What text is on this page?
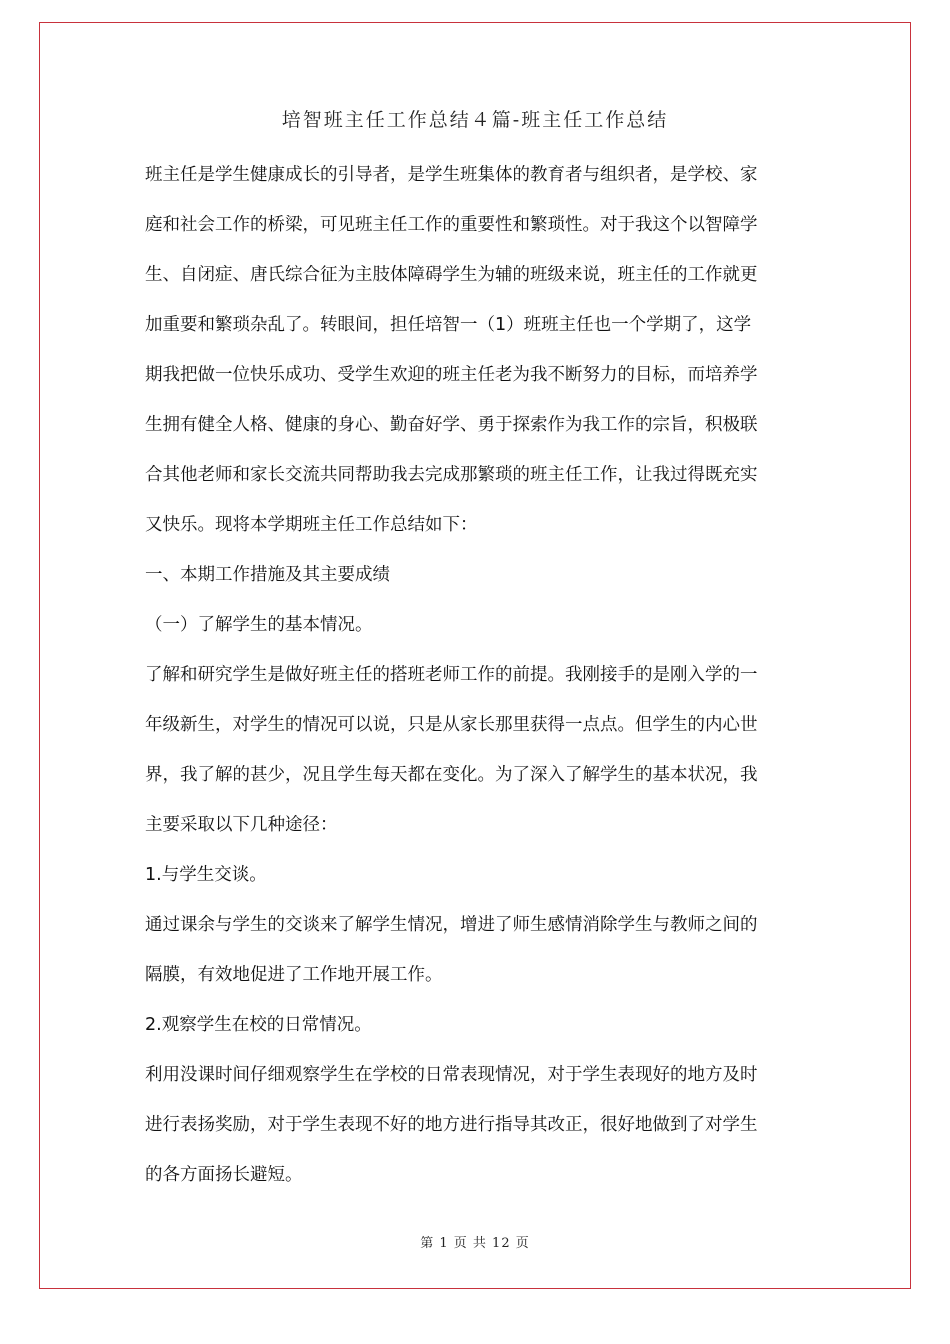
培智班主任工作总结４篇-班主任工作总结

班主任是学生健康成长的引导者，是学生班集体的教育者与组织者，是学校、家

庭和社会工作的桥梁，可见班主任工作的重要性和繁琐性。对于我这个以智障学

生、自闭症、唐氏综合征为主肢体障碍学生为辅的班级来说，班主任的工作就更

加重要和繁琐杂乱了。转眼间，担任培智一（1）班班主任也一个学期了，这学

期我把做一位快乐成功、受学生欢迎的班主任老为我不断努力的目标，而培养学

生拥有健全人格、健康的身心、勤奋好学、勇于探索作为我工作的宗旨，积极联

合其他老师和家长交流共同帮助我去完成那繁琐的班主任工作，让我过得既充实

又快乐。现将本学期班主任工作总结如下：

一、本期工作措施及其主要成绩

（一）了解学生的基本情况。

了解和研究学生是做好班主任的搭班老师工作的前提。我刚接手的是刚入学的一

年级新生，对学生的情况可以说，只是从家长那里获得一点点。但学生的内心世

界，我了解的甚少，况且学生每天都在变化。为了深入了解学生的基本状况，我

主要采取以下几种途径：

1.与学生交谈。

通过课余与学生的交谈来了解学生情况，增进了师生感情消除学生与教师之间的

隔膜，有效地促进了工作地开展工作。

2.观察学生在校的日常情况。

利用没课时间仔细观察学生在学校的日常表现情况，对于学生表现好的地方及时

进行表扬奖励，对于学生表现不好的地方进行指导其改正，很好地做到了对学生

的各方面扬长避短。

第 1 页 共 12 页
